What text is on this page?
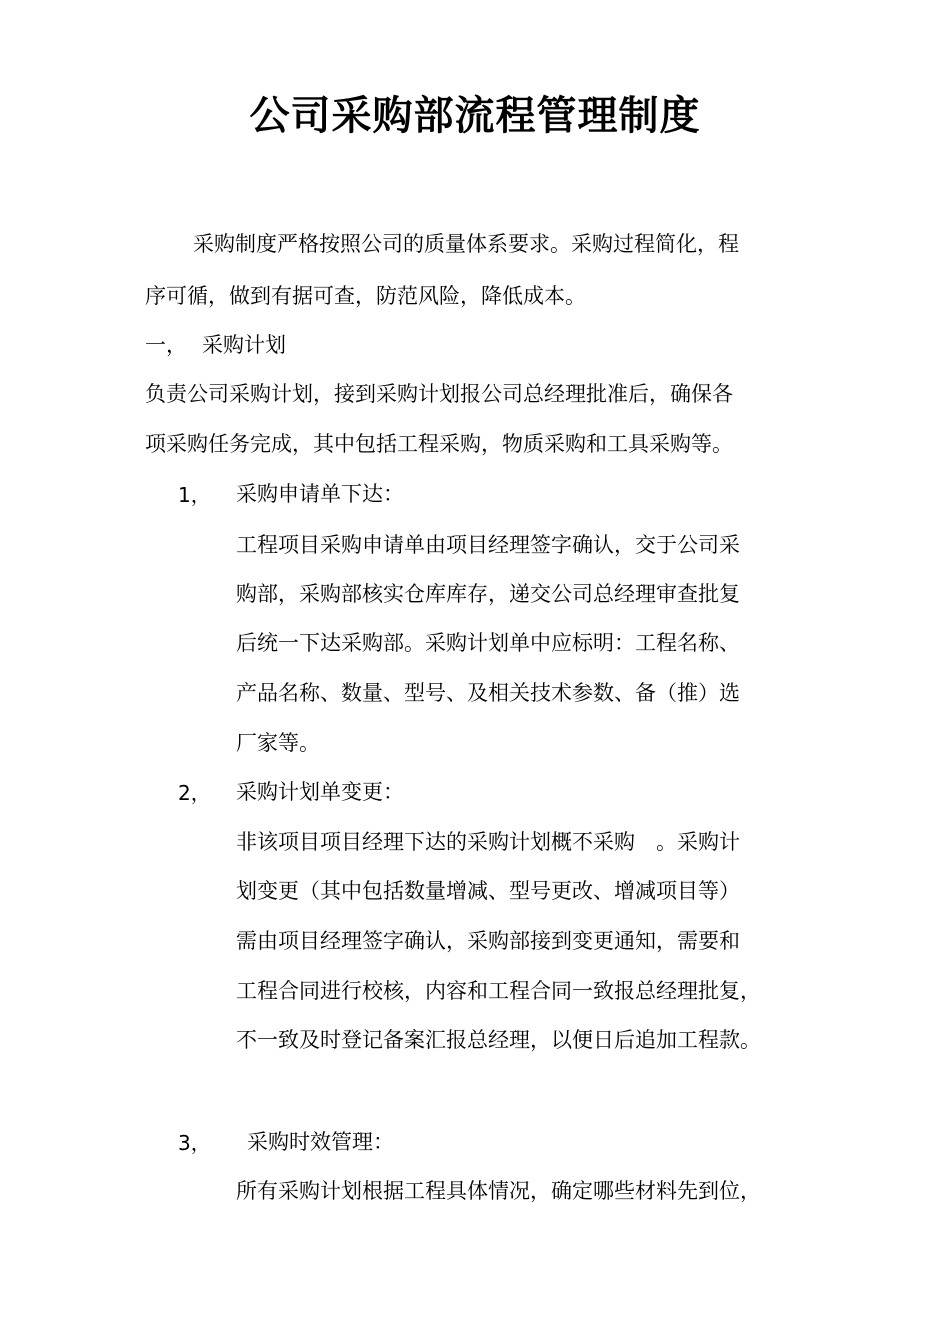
公司采购部流程管理制度
采购制度严格按照公司的质量体系要求。采购过程简化，程
序可循，做到有据可查，防范风险，降低成本。
一， 采购计划
负责公司采购计划，接到采购计划报公司总经理批准后，确保各
项采购任务完成，其中包括工程采购，物质采购和工具采购等。
1， 采购申请单下达：
工程项目采购申请单由项目经理签字确认，交于公司采
购部，采购部核实仓库库存，递交公司总经理审查批复
后统一下达采购部。采购计划单中应标明：工程名称、
产品名称、数量、型号、及相关技术参数、备（推）选
厂家等。
2， 采购计划单变更：
非该项目项目经理下达的采购计划概不采购　。采购计
划变更（其中包括数量增减、型号更改、增减项目等）
需由项目经理签字确认，采购部接到变更通知，需要和
工程合同进行校核，内容和工程合同一致报总经理批复，
不一致及时登记备案汇报总经理，以便日后追加工程款。
3， 采购时效管理：
所有采购计划根据工程具体情况，确定哪些材料先到位，
